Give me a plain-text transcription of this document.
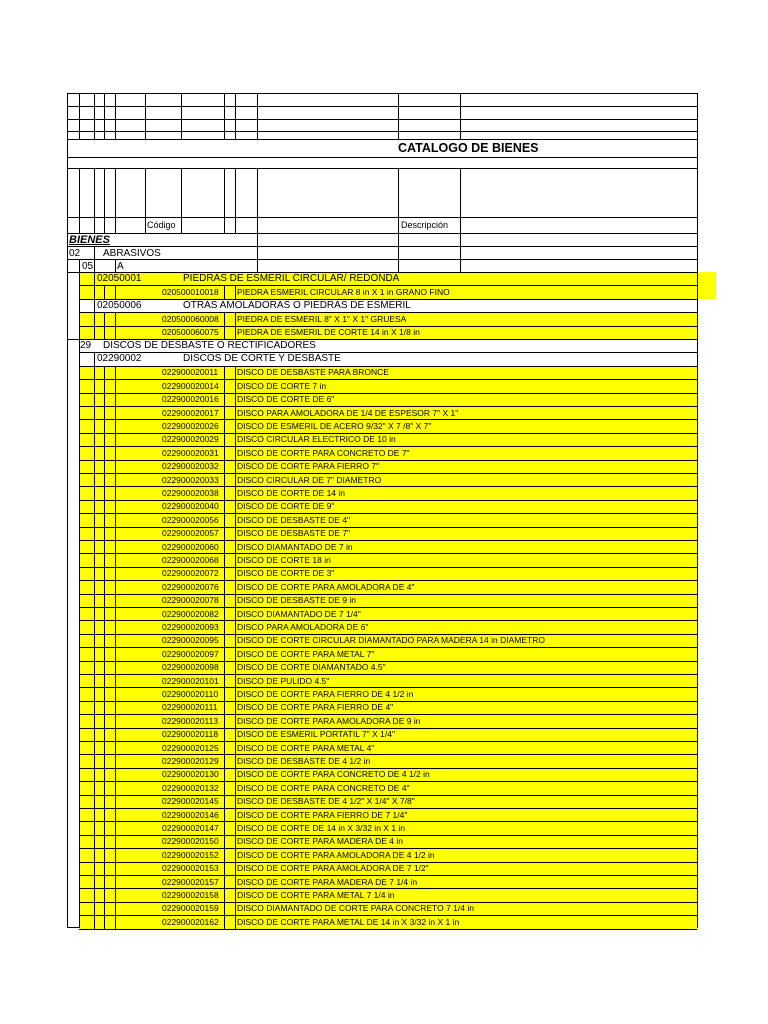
CATALOGO DE BIENES
Código	Descripción
BIENES
02 ABRASIVOS
05 A
02050001	PIEDRAS DE ESMERIL CIRCULAR/ REDONDA
020500010018 PIEDRA ESMERIL CIRCULAR 8 in X 1 in GRANO FINO
02050006	OTRAS AMOLADORAS O PIEDRAS DE ESMERIL
020500060008 PIEDRA DE ESMERIL 8" X 1" X 1" GRUESA
020500060075 PIEDRA DE ESMERIL DE CORTE 14 in X 1/8 in
29 DISCOS DE DESBASTE O RECTIFICADORES
02290002	DISCOS DE CORTE Y DESBASTE
022900020011 DISCO DE DESBASTE PARA BRONCE
022900020014 DISCO DE CORTE 7 in
022900020016 DISCO DE CORTE DE 6"
022900020017 DISCO PARA AMOLADORA DE 1/4 DE ESPESOR 7" X 1"
022900020026 DISCO DE ESMERIL DE ACERO 9/32" X 7 /8" X 7"
022900020029 DISCO CIRCULAR ELECTRICO DE 10 in
022900020031 DISCO DE CORTE PARA CONCRETO DE 7"
022900020032 DISCO DE CORTE PARA FIERRO 7"
022900020033 DISCO CIRCULAR DE 7" DIAMETRO
022900020038 DISCO DE CORTE DE 14 in
022900020040 DISCO DE CORTE DE 9"
022900020056 DISCO DE DESBASTE DE 4"
022900020057 DISCO DE DESBASTE DE 7"
022900020060 DISCO DIAMANTADO DE 7 in
022900020068 DISCO DE CORTE 18 in
022900020072 DISCO DE CORTE DE 3"
022900020076 DISCO DE CORTE PARA AMOLADORA DE 4"
022900020078 DISCO DE DESBASTE DE 9 in
022900020082 DISCO DIAMANTADO DE 7 1/4"
022900020093 DISCO PARA AMOLADORA DE 6"
022900020095 DISCO DE CORTE CIRCULAR DIAMANTADO PARA MADERA 14 in DIAMETRO
022900020097 DISCO DE CORTE PARA METAL 7"
022900020098 DISCO DE CORTE DIAMANTADO 4.5"
022900020101 DISCO DE PULIDO 4.5"
022900020110 DISCO DE CORTE PARA FIERRO DE 4 1/2 in
022900020111 DISCO DE CORTE PARA FIERRO DE 4"
022900020113 DISCO DE CORTE PARA AMOLADORA DE 9 in
022900020118 DISCO DE ESMERIL PORTATIL 7" X 1/4"
022900020125 DISCO DE CORTE PARA METAL 4"
022900020129 DISCO DE DESBASTE DE 4 1/2 in
022900020130 DISCO DE CORTE PARA CONCRETO DE 4 1/2 in
022900020132 DISCO DE CORTE PARA CONCRETO DE 4"
022900020145 DISCO DE DESBASTE DE 4 1/2" X 1/4" X 7/8"
022900020146 DISCO DE CORTE PARA FIERRO DE 7 1/4"
022900020147 DISCO DE CORTE DE 14 in X 3/32 in X 1 in
022900020150 DISCO DE CORTE PARA MADERA DE 4 in
022900020152 DISCO DE CORTE PARA AMOLADORA DE 4 1/2 in
022900020153 DISCO DE CORTE PARA AMOLADORA DE 7 1/2"
022900020157 DISCO DE CORTE PARA MADERA DE 7 1/4 in
022900020158 DISCO DE CORTE PARA METAL 7 1/4 in
022900020159 DISCO DIAMANTADO DE CORTE PARA CONCRETO 7 1/4 in
022900020162 DISCO DE CORTE PARA METAL DE 14 in X 3/32 in X 1 in
